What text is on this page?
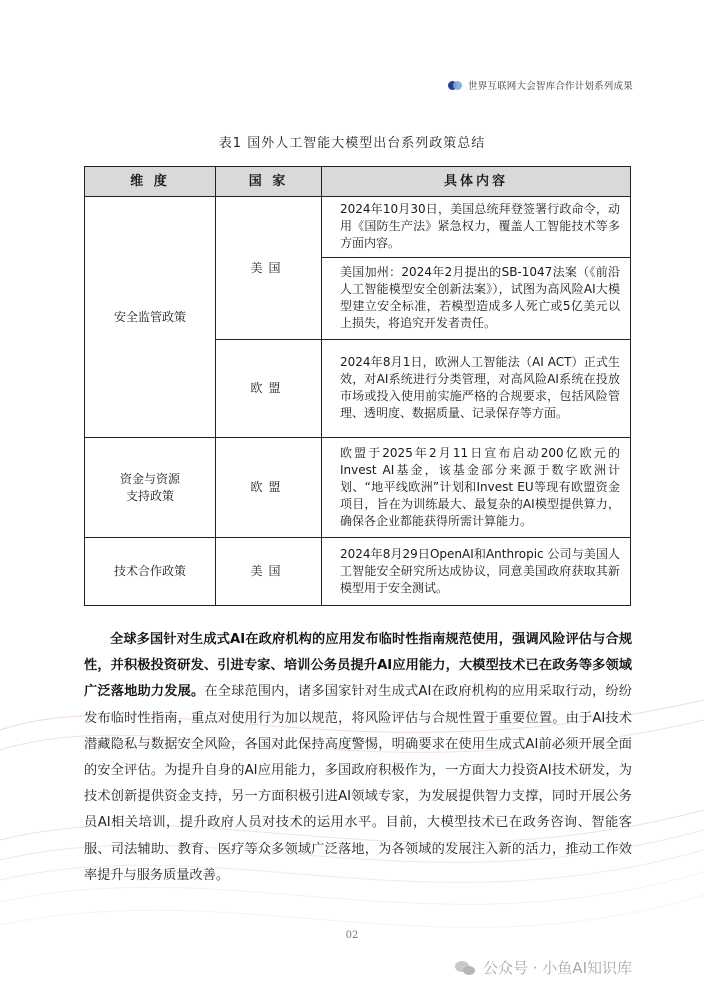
世界互联网大会智库合作计划系列成果
表1 国外人工智能大模型出台系列政策总结
维 度	国 家	具体内容
安全监管政策	美国	2024年10月30日，美国总统拜登签署行政命令，动用《国防生产法》紧急权力，覆盖人工智能技术等多方面内容。
		美国加州：2024年2月提出的SB-1047法案（《前沿人工智能模型安全创新法案》），试图为高风险AI大模型建立安全标准，若模型造成多人死亡或5亿美元以上损失，将追究开发者责任。
	欧盟	2024年8月1日，欧洲人工智能法（AI ACT）正式生效，对AI系统进行分类管理，对高风险AI系统在投放市场或投入使用前实施严格的合规要求，包括风险管理、透明度、数据质量、记录保存等方面。
资金与资源
支持政策	欧盟	欧盟于2025年2月11日宣布启动200亿欧元的Invest AI基金，该基金部分来源于数字欧洲计划、“地平线欧洲”计划和Invest EU等现有欧盟资金项目，旨在为训练最大、最复杂的AI模型提供算力，确保各企业都能获得所需计算能力。
技术合作政策	美国	2024年8月29日OpenAI和Anthropic 公司与美国人工智能安全研究所达成协议，同意美国政府获取其新模型用于安全测试。
全球多国针对生成式AI在政府机构的应用发布临时性指南规范使用，强调风险评估与合规性，并积极投资研发、引进专家、培训公务员提升AI应用能力，大模型技术已在政务等多领域广泛落地助力发展。在全球范围内，诸多国家针对生成式AI在政府机构的应用采取行动，纷纷发布临时性指南，重点对使用行为加以规范，将风险评估与合规性置于重要位置。由于AI技术潜藏隐私与数据安全风险，各国对此保持高度警惕，明确要求在使用生成式AI前必须开展全面的安全评估。为提升自身的AI应用能力，多国政府积极作为，一方面大力投资AI技术研发，为技术创新提供资金支持，另一方面积极引进AI领域专家，为发展提供智力支撑，同时开展公务员AI相关培训，提升政府人员对技术的运用水平。目前，大模型技术已在政务咨询、智能客服、司法辅助、教育、医疗等众多领域广泛落地，为各领域的发展注入新的活力，推动工作效率提升与服务质量改善。
02
公众号 · 小鱼AI知识库
